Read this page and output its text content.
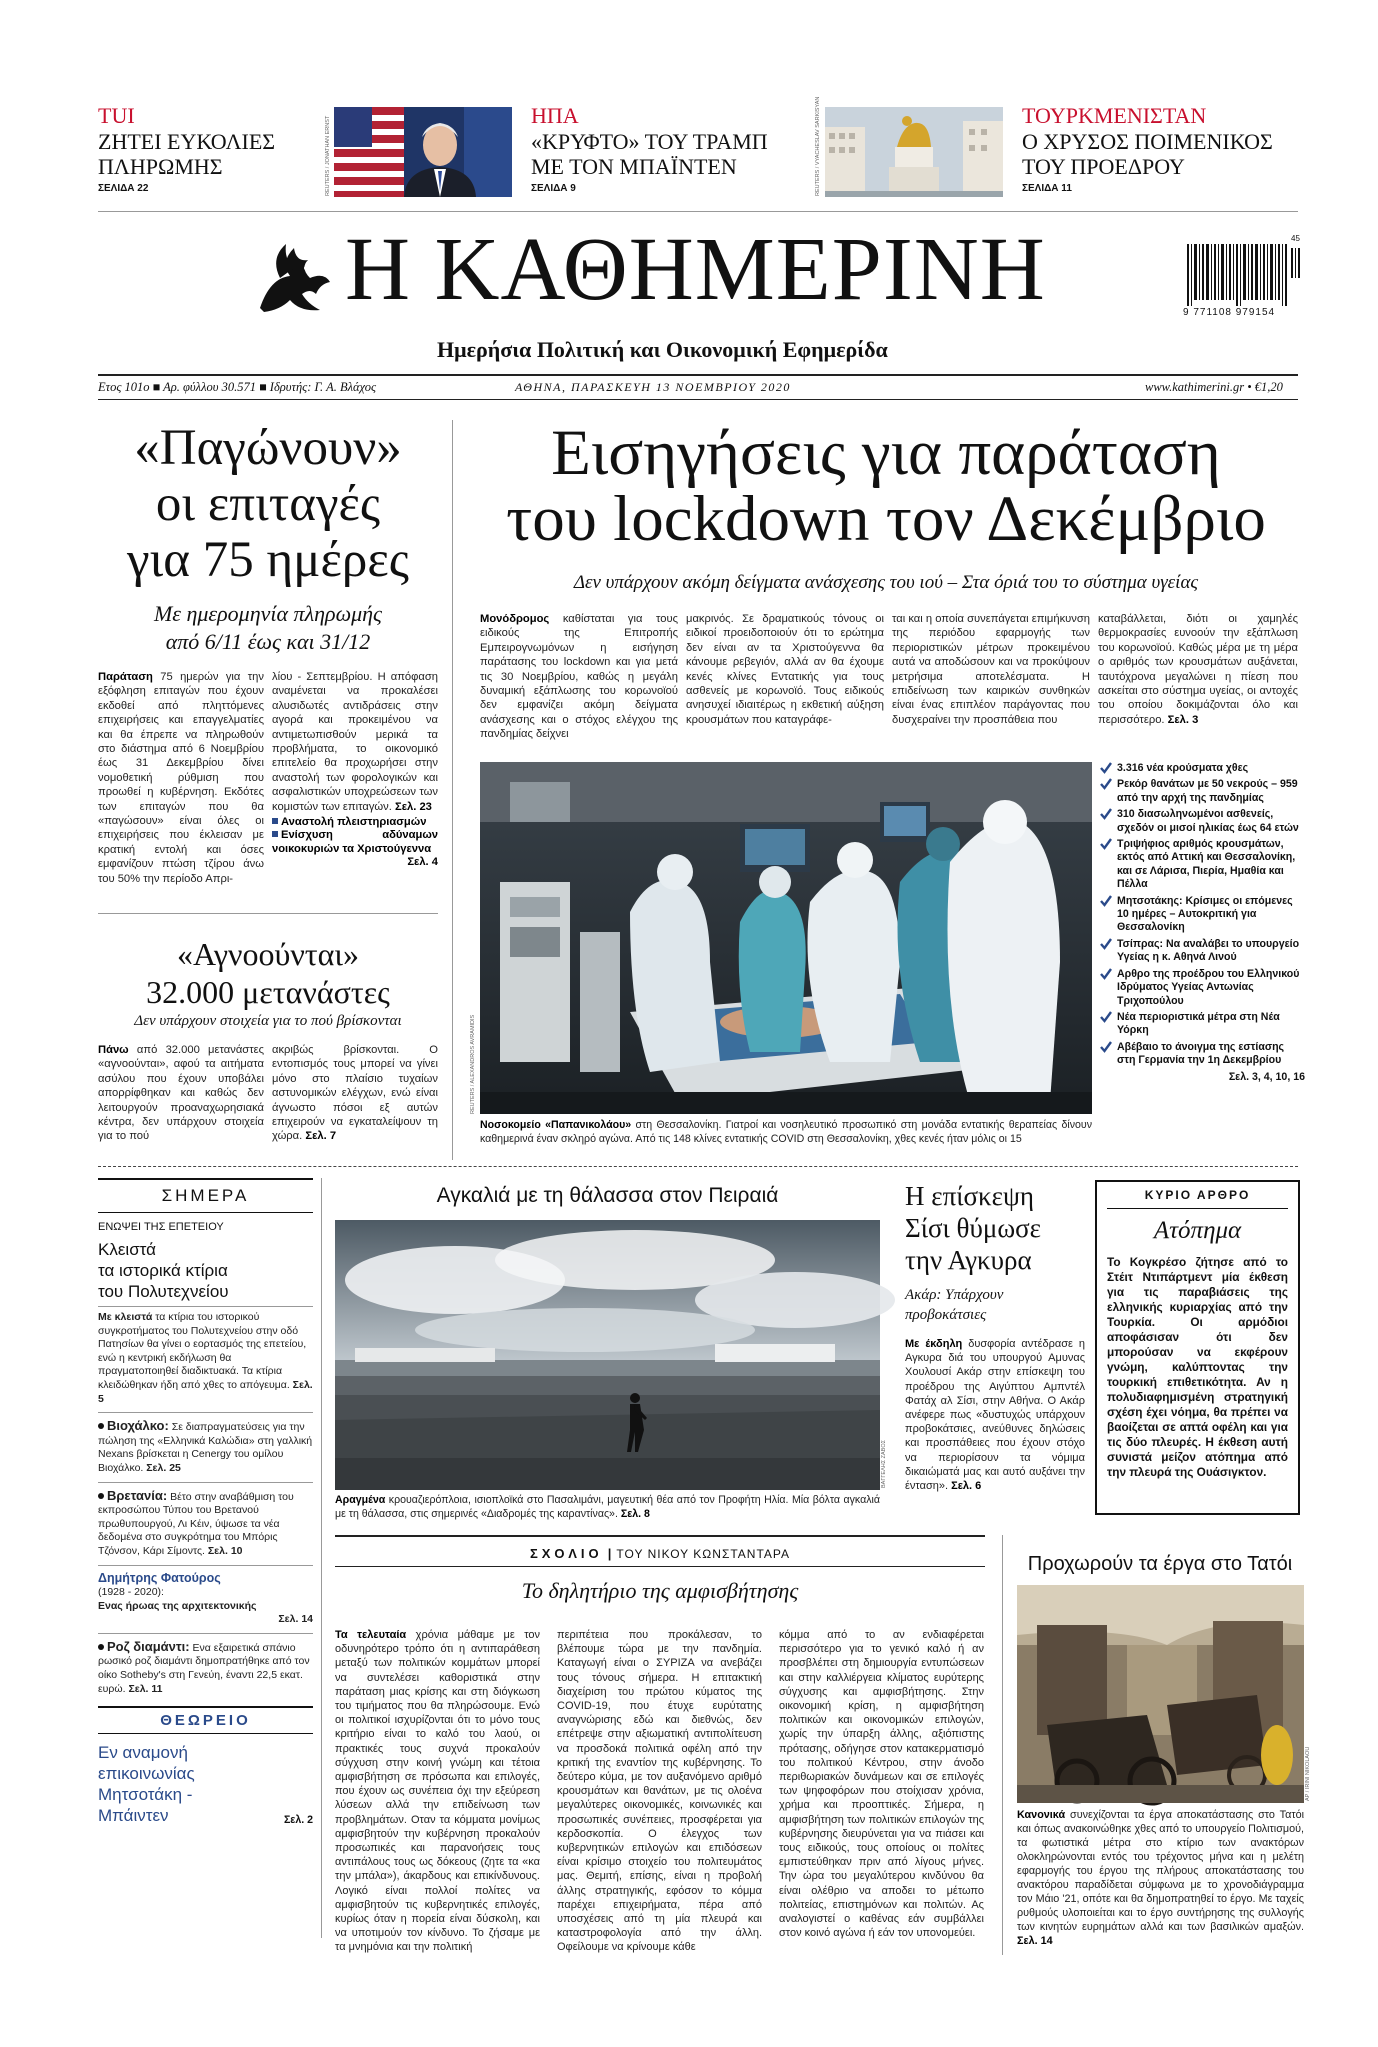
TUI
ΖΗΤΕΙ ΕΥΚΟΛΙΕΣ
ΠΛΗΡΩΜΗΣ
ΣΕΛΙΔΑ 22	REUTERS / JONATHAN ERNST
ΗΠΑ
«ΚΡΥΦΤΟ» ΤΟΥ ΤΡΑΜΠ
ΜΕ ΤΟΝ ΜΠΑΪΝΤΕΝ
ΣΕΛΙΔΑ 9	REUTERS / VYACHESLAV SARKISYAN	ΤΟΥΡΚΜΕΝΙΣΤΑΝ
Ο ΧΡΥΣΟΣ ΠΟΙΜΕΝΙΚΟΣ
ΤΟΥ ΠΡΟΕΔΡΟΥ
ΣΕΛΙΔΑ 11
Η ΚΑΘΗΜΕΡΙΝΗ
Ημερήσια Πολιτική και Οικονομική Εφημερίδα
9 771108 979154
45
Ετος 101ο ■ Αρ. φύλλου 30.571 ■ Ιδρυτής: Γ. Α. Βλάχος	ΑΘΗΝΑ, ΠΑΡΑΣΚΕΥΗ 13 ΝΟΕΜΒΡΙΟΥ 2020	www.kathimerini.gr • €1,20
«Παγώνουν»
οι επιταγές
για 75 ημέρες
Με ημερομηνία πληρωμής
από 6/11 έως και 31/12
Παράταση 75 ημερών για την εξόφληση επιταγών που έχουν εκδοθεί από πληττόμενες επιχειρήσεις και επαγγελματίες και θα έπρεπε να πληρωθούν στο διάστημα από 6 Νοεμβρίου έως 31 Δεκεμβρίου δίνει νομοθετική ρύθμιση που προωθεί η κυβέρνηση. Εκδότες των επιταγών που θα «παγώσουν» είναι όλες οι επιχειρήσεις που έκλεισαν με κρατική εντολή και όσες εμφανίζουν πτώση τζίρου άνω του 50% την περίοδο Απρι-
λίου - Σεπτεμβρίου. Η απόφαση αναμένεται να προκαλέσει αλυσιδωτές αντιδράσεις στην αγορά και προκειμένου να αντιμετωπισθούν μερικά τα προβλήματα, το οικονομικό επιτελείο θα προχωρήσει στην αναστολή των φορολογικών και ασφαλιστικών υποχρεώσεων των κομιστών των επιταγών. Σελ. 23
Αναστολή πλειστηριασμών
Ενίσχυση αδύναμων νοικοκυριών τα Χριστούγεννα
Σελ. 4
«Αγνοούνται»
32.000 μετανάστες
Δεν υπάρχουν στοιχεία για το πού βρίσκονται
Πάνω από 32.000 μετανάστες «αγνοούνται», αφού τα αιτήματα ασύλου που έχουν υποβάλει απορρίφθηκαν και καθώς δεν λειτουργούν προαναχωρησιακά κέντρα, δεν υπάρχουν στοιχεία για το πού
ακριβώς βρίσκονται. Ο εντοπισμός τους μπορεί να γίνει μόνο στο πλαίσιο τυχαίων αστυνομικών ελέγχων, ενώ είναι άγνωστο πόσοι εξ αυτών επιχειρούν να εγκαταλείψουν τη χώρα. Σελ. 7
Εισηγήσεις για παράταση
του lockdown τον Δεκέμβριο
Δεν υπάρχουν ακόμη δείγματα ανάσχεσης του ιού – Στα όριά του το σύστημα υγείας
Μονόδρομος καθίσταται για τους ειδικούς της Επιτροπής Εμπειρογνωμόνων η εισήγηση παράτασης του lockdown και για μετά τις 30 Νοεμβρίου, καθώς η μεγάλη δυναμική εξάπλωσης του κορωνοϊού δεν εμφανίζει ακόμη δείγματα ανάσχεσης και ο στόχος ελέγχου της πανδημίας δείχνει
μακρινός. Σε δραματικούς τόνους οι ειδικοί προειδοποιούν ότι το ερώτημα δεν είναι αν τα Χριστούγεννα θα κάνουμε ρεβεγιόν, αλλά αν θα έχουμε κενές κλίνες Εντατικής για τους ασθενείς με κορωνοϊό. Τους ειδικούς ανησυχεί ιδιαιτέρως η εκθετική αύξηση κρουσμάτων που καταγράφε-
ται και η οποία συνεπάγεται επιμήκυνση της περιόδου εφαρμογής των περιοριστικών μέτρων προκειμένου αυτά να αποδώσουν και να προκύψουν μετρήσιμα αποτελέσματα. Η επιδείνωση των καιρικών συνθηκών είναι ένας επιπλέον παράγοντας που δυσχεραίνει την προσπάθεια που
καταβάλλεται, διότι οι χαμηλές θερμοκρασίες ευνοούν την εξάπλωση του κορωνοϊού. Καθώς μέρα με τη μέρα ο αριθμός των κρουσμάτων αυξάνεται, ταυτόχρονα μεγαλώνει η πίεση που ασκείται στο σύστημα υγείας, οι αντοχές του οποίου δοκιμάζονται όλο και περισσότερο. Σελ. 3
REUTERS / ALEXANDROS AVRAMIDIS
Νοσοκομείο «Παπανικολάου» στη Θεσσαλονίκη. Γιατροί και νοσηλευτικό προσωπικό στη μονάδα εντατικής θεραπείας δίνουν καθημερινά έναν σκληρό αγώνα. Από τις 148 κλίνες εντατικής COVID στη Θεσσαλονίκη, χθες κενές ήταν μόλις οι 15
3.316 νέα κρούσματα χθες
Ρεκόρ θανάτων με 50 νεκρούς – 959 από την αρχή της πανδημίας
310 διασωληνωμένοι ασθενείς, σχεδόν οι μισοί ηλικίας έως 64 ετών
Τριψήφιος αριθμός κρουσμάτων, εκτός από Αττική και Θεσσαλονίκη, και σε Λάρισα, Πιερία, Ημαθία και Πέλλα
Μητσοτάκης: Κρίσιμες οι επόμενες 10 ημέρες – Αυτοκριτική για Θεσσαλονίκη
Τσίπρας: Να αναλάβει το υπουργείο Υγείας η κ. Αθηνά Λινού
Αρθρο της προέδρου του Ελληνικού Ιδρύματος Υγείας Αντωνίας Τριχοπούλου
Νέα περιοριστικά μέτρα στη Νέα Υόρκη
Αβέβαιο το άνοιγμα της εστίασης στη Γερμανία την 1η Δεκεμβρίου
Σελ. 3, 4, 10, 16
ΣΗΜΕΡΑ
ΕΝΩΨΕΙ ΤΗΣ ΕΠΕΤΕΙΟΥ
Κλειστά
τα ιστορικά κτίρια
του Πολυτεχνείου
Με κλειστά τα κτίρια του ιστορικού συγκροτήματος του Πολυτεχνείου στην οδό Πατησίων θα γίνει ο εορτασμός της επετείου, ενώ η κεντρική εκδήλωση θα πραγματοποιηθεί διαδικτυακά. Τα κτίρια κλειδώθηκαν ήδη από χθες το απόγευμα. Σελ. 5
Βιοχάλκο: Σε διαπραγματεύσεις για την πώληση της «Ελληνικά Καλώδια» στη γαλλική Nexans βρίσκεται η Cenergy του ομίλου Βιοχάλκο. Σελ. 25
Βρετανία: Βέτο στην αναβάθμιση του εκπροσώπου Τύπου του Βρετανού πρωθυπουργού, Λι Κέιν, ύψωσε τα νέα δεδομένα στο συγκρότημα του Μπόρις Τζόνσον, Κάρι Σίμοντς. Σελ. 10
Δημήτρης Φατούρος
(1928 - 2020):
Ενας ήρωας της αρχιτεκτονικής
Σελ. 14
Ροζ διαμάντι: Ενα εξαιρετικά σπάνιο ρωσικό ροζ διαμάντι δημοπρατήθηκε από τον οίκο Sotheby's στη Γενεύη, έναντι 22,5 εκατ. ευρώ. Σελ. 11
ΘΕΩΡΕΙΟ
Εν αναμονή
επικοινωνίας
Μητσοτάκη -
Μπάιντεν	Σελ. 2
Αγκαλιά με τη θάλασσα στον Πειραιά
ΒΑΓΓΕΛΗΣ ΖΑΒΟΣ
Αραγμένα κρουαζιερόπλοια, ισιοπλοϊκά στο Πασαλιμάνι, μαγευτική θέα από τον Προφήτη Ηλία. Μία βόλτα αγκαλιά με τη θάλασσα, στις σημερινές «Διαδρομές της καραντίνας». Σελ. 8
Η επίσκεψη
Σίσι θύμωσε
την Αγκυρα
Ακάρ: Υπάρχουν
προβοκάτσιες
Με έκδηλη δυσφορία αντέδρασε η Αγκυρα διά του υπουργού Αμυνας Χουλουσί Ακάρ στην επίσκεψη του προέδρου της Αιγύπτου Αμπντέλ Φατάχ αλ Σίσι, στην Αθήνα. Ο Ακάρ ανέφερε πως «δυστυχώς υπάρχουν προβοκάτσιες, ανεύθυνες δηλώσεις και προσπάθειες που έχουν στόχο να περιορίσουν τα νόμιμα δικαιώματά μας και αυτό αυξάνει την ένταση». Σελ. 6
ΚΥΡΙΟ ΑΡΘΡΟ
Ατόπημα
Το Κογκρέσο ζήτησε από το Στέιτ Ντιπάρτμεντ μία έκθεση για τις παραβιάσεις της ελληνικής κυριαρχίας από την Τουρκία. Οι αρμόδιοι αποφάσισαν ότι δεν μπορούσαν να εκφέρουν γνώμη, καλύπτοντας την τουρκική επιθετικότητα. Αν η πολυδιαφημισμένη στρατηγική σχέση έχει νόημα, θα πρέπει να βαοίζεται σε απτά οφέλη και για τις δύο πλευρές. Η έκθεση αυτή συνιστά μείζον ατόπημα από την πλευρά της Ουάσιγκτον.
ΣΧΟΛΙΟ | ΤΟΥ ΝΙΚΟΥ ΚΩΝΣΤΑΝΤΑΡΑ
Το δηλητήριο της αμφισβήτησης
Τα τελευταία χρόνια μάθαμε με τον οδυνηρότερο τρόπο ότι η αντιπαράθεση μεταξύ των πολιτικών κομμάτων μπορεί να συντελέσει καθοριστικά στην παράταση μιας κρίσης και στη διόγκωση του τιμήματος που θα πληρώσουμε. Ενώ οι πολιτικοί ισχυρίζονται ότι το μόνο τους κριτήριο είναι το καλό του λαού, οι πρακτικές τους συχνά προκαλούν σύγχυση στην κοινή γνώμη και τέτοια αμφισβήτηση σε πρόσωπα και επιλογές, που έχουν ως συνέπεια όχι την εξεύρεση λύσεων αλλά την επιδείνωση των προβλημάτων. Οταν τα κόμματα μονίμως αμφισβητούν την κυβέρνηση προκαλούν προσωπικές και παρανοήσεις τους αντιπάλους τους ως δόκεους (ζητε τα «κα την μπάλα»), άκαρδους και επικίνδυνους. Λογικό είναι πολλοί πολίτες να αμφισβητούν τις κυβερνητικές επιλογές, κυρίως όταν η πορεία είναι δύσκολη, και να υποτιμούν τον κίνδυνο. Το ζήσαμε με τα μνημόνια και την πολιτική
περιπέτεια που προκάλεσαν, το βλέπουμε τώρα με την πανδημία. Καταγωγή είναι ο ΣΥΡΙΖΑ να ανεβάζει τους τόνους σήμερα. Η επιτακτική διαχείριση του πρώτου κύματος της COVID-19, που έτυχε ευρύτατης αναγνώρισης εδώ και διεθνώς, δεν επέτρεψε στην αξιωματική αντιπολίτευση να προσδοκά πολιτικά οφέλη από την κριτική της εναντίον της κυβέρνησης. Το δεύτερο κύμα, με τον αυξανόμενο αριθμό κρουσμάτων και θανάτων, με τις ολοένα μεγαλύτερες οικονομικές, κοινωνικές και προσωπικές συνέπειες, προσφέρεται για κερδοσκοπία. Ο έλεγχος των κυβερνητικών επιλογών και επιδόσεων είναι κρίσιμο στοιχείο του πολιτευμάτος μας. Θεμιτή, επίσης, είναι η προβολή άλλης στρατηγικής, εφόσον το κόμμα παρέχει επιχειρήματα, πέρα από υποσχέσεις από τη μία πλευρά και καταστροφολογία από την άλλη. Οφείλουμε να κρίνουμε κάθε
κόμμα από το αν ενδιαφέρεται περισσότερο για το γενικό καλό ή αν προσβλέπει στη δημιουργία εντυπώσεων και στην καλλιέργεια κλίματος ευρύτερης σύγχυσης και αμφισβήτησης. Στην οικονομική κρίση, η αμφισβήτηση πολιτικών και οικονομικών επιλογών, χωρίς την ύπαρξη άλλης, αξιόπιστης πρότασης, οδήγησε στον κατακερματισμό του πολιτικού Κέντρου, στην άνοδο περιθωριακών δυνάμεων και σε επιλογές των ψηφοφόρων που στοίχισαν χρόνια, χρήμα και προοπτικές. Σήμερα, η αμφισβήτηση των πολιτικών επιλογών της κυβέρνησης διευρύνεται για να πιάσει και τους ειδικούς, τους οποίους οι πολίτες εμπιστεύθηκαν πριν από λίγους μήνες. Την ώρα του μεγαλύτερου κινδύνου θα είναι ολέθριο να αποδει το μέτωπο πολιτείας, επιστημόνων και πολιτών. Ας αναλογιστεί ο καθένας εάν συμβάλλει στον κοινό αγώνα ή εάν τον υπονομεύει.
Προχωρούν τα έργα στο Τατόι
AP / IRINI NIKOLAOU
Κανονικά συνεχίζονται τα έργα αποκατάστασης στο Τατόι και όπως ανακοινώθηκε χθες από το υπουργείο Πολιτισμού, τα φωτιστικά μέτρα στο κτίριο των ανακτόρων ολοκληρώνονται εντός του τρέχοντος μήνα και η μελέτη εφαρμογής του έργου της πλήρους αποκατάστασης του ανακτόρου παραδίδεται σύμφωνα με το χρονοδιάγραμμα τον Μάιο '21, οπότε και θα δημοπρατηθεί το έργο. Με ταχείς ρυθμούς υλοποιείται και το έργο συντήρησης της συλλογής των κινητών ευρημάτων αλλά και των βασιλικών αμαξών. Σελ. 14
